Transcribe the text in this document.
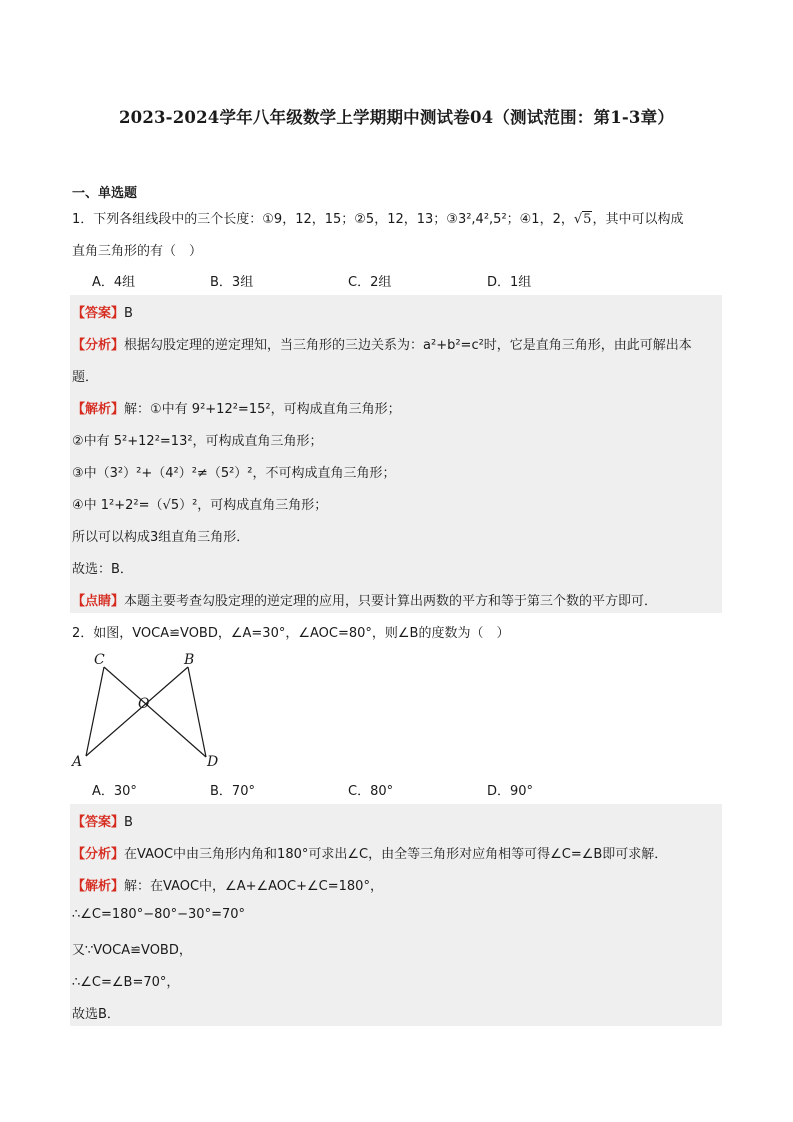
2023-2024学年八年级数学上学期期中测试卷04（测试范围：第1-3章）
一、单选题
1．下列各组线段中的三个长度：①9，12，15；②5，12，13；③3²,4²,5²；④1，2，√5，其中可以构成
直角三角形的有（　）
A．4组	B．3组	C．2组	D．1组
【答案】B
【分析】根据勾股定理的逆定理知，当三角形的三边关系为：a²+b²=c²时，它是直角三角形，由此可解出本
题．
【解析】解：①中有 9²+12²=15²，可构成直角三角形；
②中有 5²+12²=13²，可构成直角三角形；
③中（3²）²+（4²）²≠（5²）²，不可构成直角三角形；
④中 1²+2²=（√5）²，可构成直角三角形；
所以可以构成3组直角三角形．
故选：B．
【点睛】本题主要考查勾股定理的逆定理的应用，只要计算出两数的平方和等于第三个数的平方即可．
2．如图，VOCA≌VOBD，∠A=30°，∠AOC=80°，则∠B的度数为（　）
C	B
O
A	D
A．30°	B．70°	C．80°	D．90°
【答案】B
【分析】在VAOC中由三角形内角和180°可求出∠C，由全等三角形对应角相等可得∠C=∠B即可求解．
【解析】解：在VAOC中，∠A+∠AOC+∠C=180°，
∴∠C=180°−80°−30°=70°
又∵VOCA≌VOBD，
∴∠C=∠B=70°，
故选B．
